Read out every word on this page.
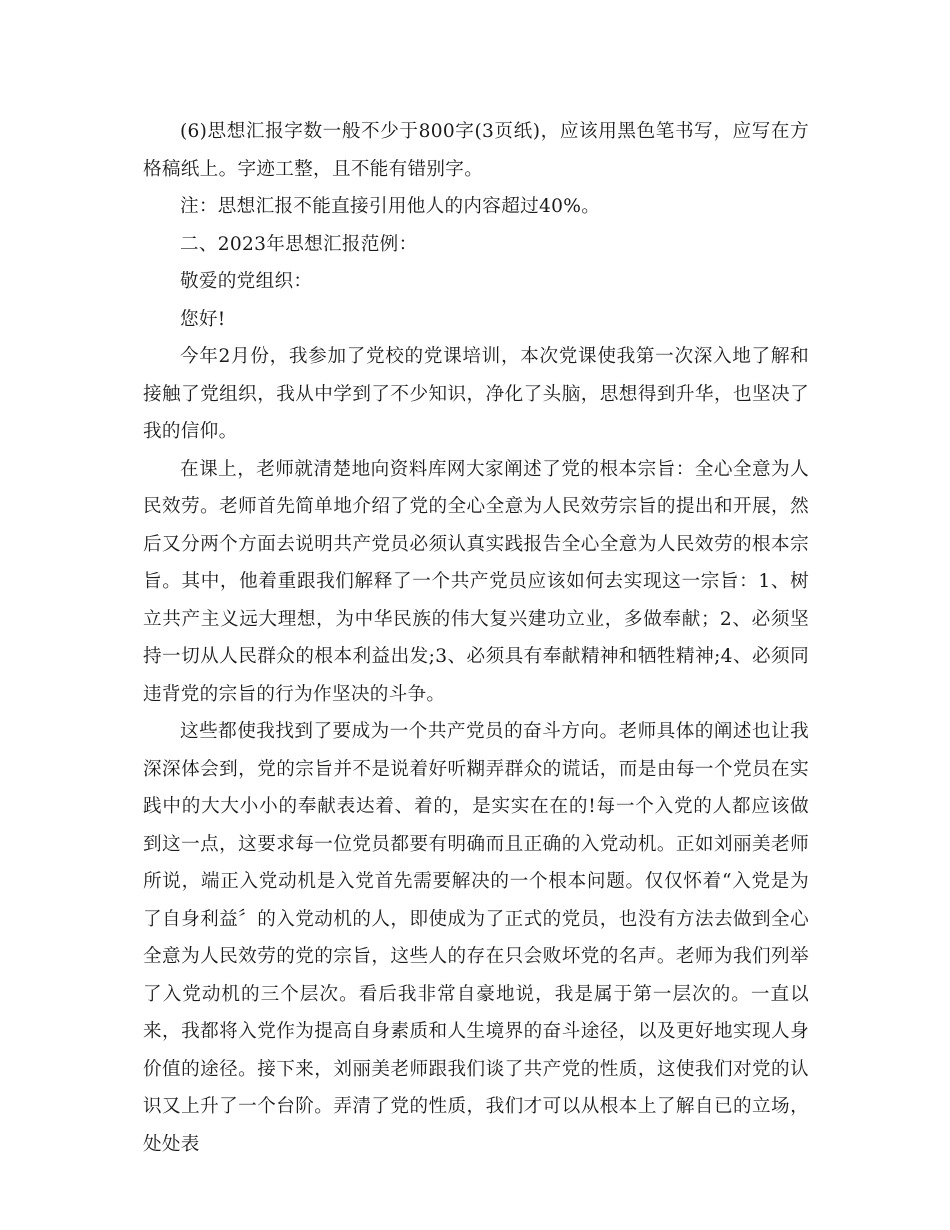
(6)思想汇报字数一般不少于800字(3页纸)，应该用黑色笔书写，应写在方格稿纸上。字迹工整，且不能有错别字。

注：思想汇报不能直接引用他人的内容超过40%。

二、2023年思想汇报范例：

敬爱的党组织：

您好!

今年2月份，我参加了党校的党课培训，本次党课使我第一次深入地了解和接触了党组织，我从中学到了不少知识，净化了头脑，思想得到升华，也坚决了我的信仰。

在课上，老师就清楚地向资料库网大家阐述了党的根本宗旨：全心全意为人民效劳。老师首先简单地介绍了党的全心全意为人民效劳宗旨的提出和开展，然后又分两个方面去说明共产党员必须认真实践报告全心全意为人民效劳的根本宗旨。其中，他着重跟我们解释了一个共产党员应该如何去实现这一宗旨：1、树立共产主义远大理想，为中华民族的伟大复兴建功立业，多做奉献；2、必须坚持一切从人民群众的根本利益出发;3、必须具有奉献精神和牺牲精神;4、必须同违背党的宗旨的行为作坚决的斗争。

这些都使我找到了要成为一个共产党员的奋斗方向。老师具体的阐述也让我深深体会到，党的宗旨并不是说着好听糊弄群众的谎话，而是由每一个党员在实践中的大大小小的奉献表达着、着的，是实实在在的!每一个入党的人都应该做到这一点，这要求每一位党员都要有明确而且正确的入党动机。正如刘丽美老师所说，端正入党动机是入党首先需要解决的一个根本问题。仅仅怀着“入党是为了自身利益〞的入党动机的人，即使成为了正式的党员，也没有方法去做到全心全意为人民效劳的党的宗旨，这些人的存在只会败坏党的名声。老师为我们列举了入党动机的三个层次。看后我非常自豪地说，我是属于第一层次的。一直以来，我都将入党作为提高自身素质和人生境界的奋斗途径，以及更好地实现人身价值的途径。接下来，刘丽美老师跟我们谈了共产党的性质，这使我们对党的认识又上升了一个台阶。弄清了党的性质，我们才可以从根本上了解自已的立场，处处表
